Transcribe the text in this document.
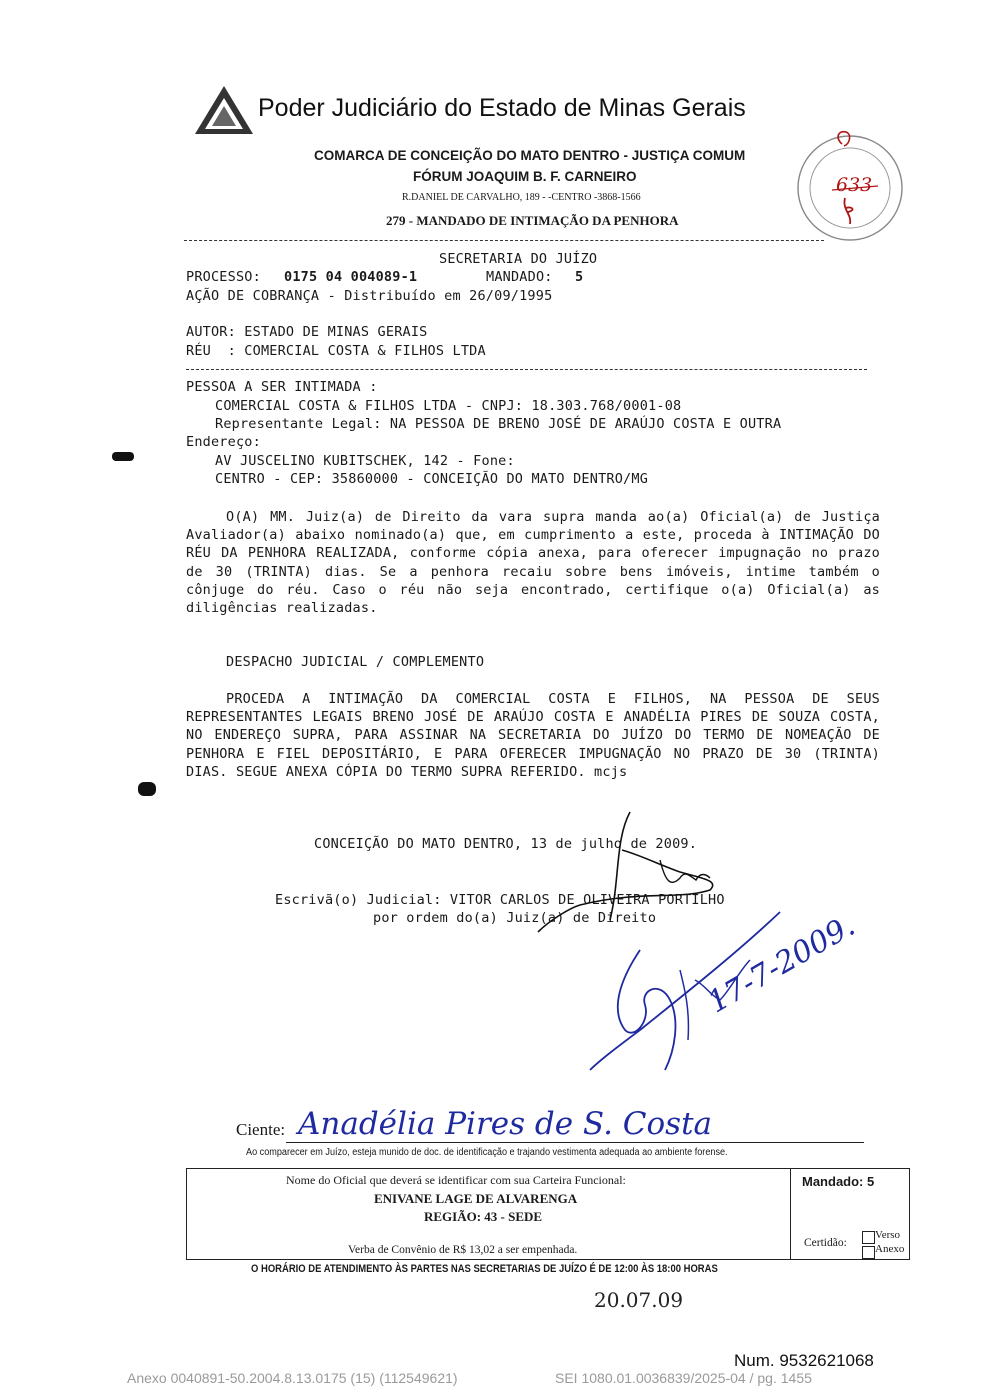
Poder Judiciário do Estado de Minas Gerais
COMARCA DE CONCEIÇÃO DO MATO DENTRO - JUSTIÇA COMUM
FÓRUM JOAQUIM B. F. CARNEIRO
R.DANIEL DE CARVALHO, 189 - -CENTRO -3868-1566
279 - MANDADO DE INTIMAÇÃO DA PENHORA
633
SECRETARIA DO JUÍZO
PROCESSO: 0175 04 004089-1	MANDADO: 5
AÇÃO DE COBRANÇA - Distribuído em 26/09/1995
AUTOR: ESTADO DE MINAS GERAIS
RÉU  : COMERCIAL COSTA & FILHOS LTDA
PESSOA A SER INTIMADA :
COMERCIAL COSTA & FILHOS LTDA - CNPJ: 18.303.768/0001-08
Representante Legal: NA PESSOA DE BRENO JOSÉ DE ARAÚJO COSTA E OUTRA
Endereço:
AV JUSCELINO KUBITSCHEK, 142 - Fone:
CENTRO - CEP: 35860000 - CONCEIÇÃO DO MATO DENTRO/MG
O(A) MM. Juiz(a) de Direito da vara supra manda ao(a) Oficial(a) de Justiça Avaliador(a) abaixo nominado(a) que, em cumprimento a este, proceda à INTIMAÇÃO DO RÉU DA PENHORA REALIZADA, conforme cópia anexa, para oferecer impugnação no prazo de 30 (TRINTA) dias. Se a penhora recaiu sobre bens imóveis, intime também o cônjuge do réu. Caso o réu não seja encontrado, certifique o(a) Oficial(a) as diligências realizadas.
DESPACHO JUDICIAL / COMPLEMENTO
PROCEDA A INTIMAÇÃO DA COMERCIAL COSTA E FILHOS, NA PESSOA DE SEUS REPRESENTANTES LEGAIS BRENO JOSÉ DE ARAÚJO COSTA E ANADÉLIA PIRES DE SOUZA COSTA, NO ENDEREÇO SUPRA, PARA ASSINAR NA SECRETARIA DO JUÍZO DO TERMO DE NOMEAÇÃO DE PENHORA E FIEL DEPOSITÁRIO, E PARA OFERECER IMPUGNAÇÃO NO PRAZO DE 30 (TRINTA) DIAS. SEGUE ANEXA CÓPIA DO TERMO SUPRA REFERIDO. mcjs
CONCEIÇÃO DO MATO DENTRO, 13 de julho de 2009.
Escrivã(o) Judicial: VITOR CARLOS DE OLIVEIRA PORTILHO
por ordem do(a) Juiz(a) de Direito 17-7-2009.
Ciente: Anadélia Pires de S. Costa
Ao comparecer em Juízo, esteja munido de doc. de identificação e trajando vestimenta adequada ao ambiente forense.
Nome do Oficial que deverá se identificar com sua Carteira Funcional:
ENIVANE LAGE DE ALVARENGA
REGIÃO: 43 - SEDE
Verba de Convênio de R$ 13,02 a ser empenhada.
Mandado: 5
Certidão:
Verso
Anexo
O HORÁRIO DE ATENDIMENTO ÀS PARTES NAS SECRETARIAS DE JUÍZO É DE 12:00 ÀS 18:00 HORAS
20.07.09
Num. 9532621068
Anexo 0040891-50.2004.8.13.0175 (15) (112549621)	SEI 1080.01.0036839/2025-04 / pg. 1455
